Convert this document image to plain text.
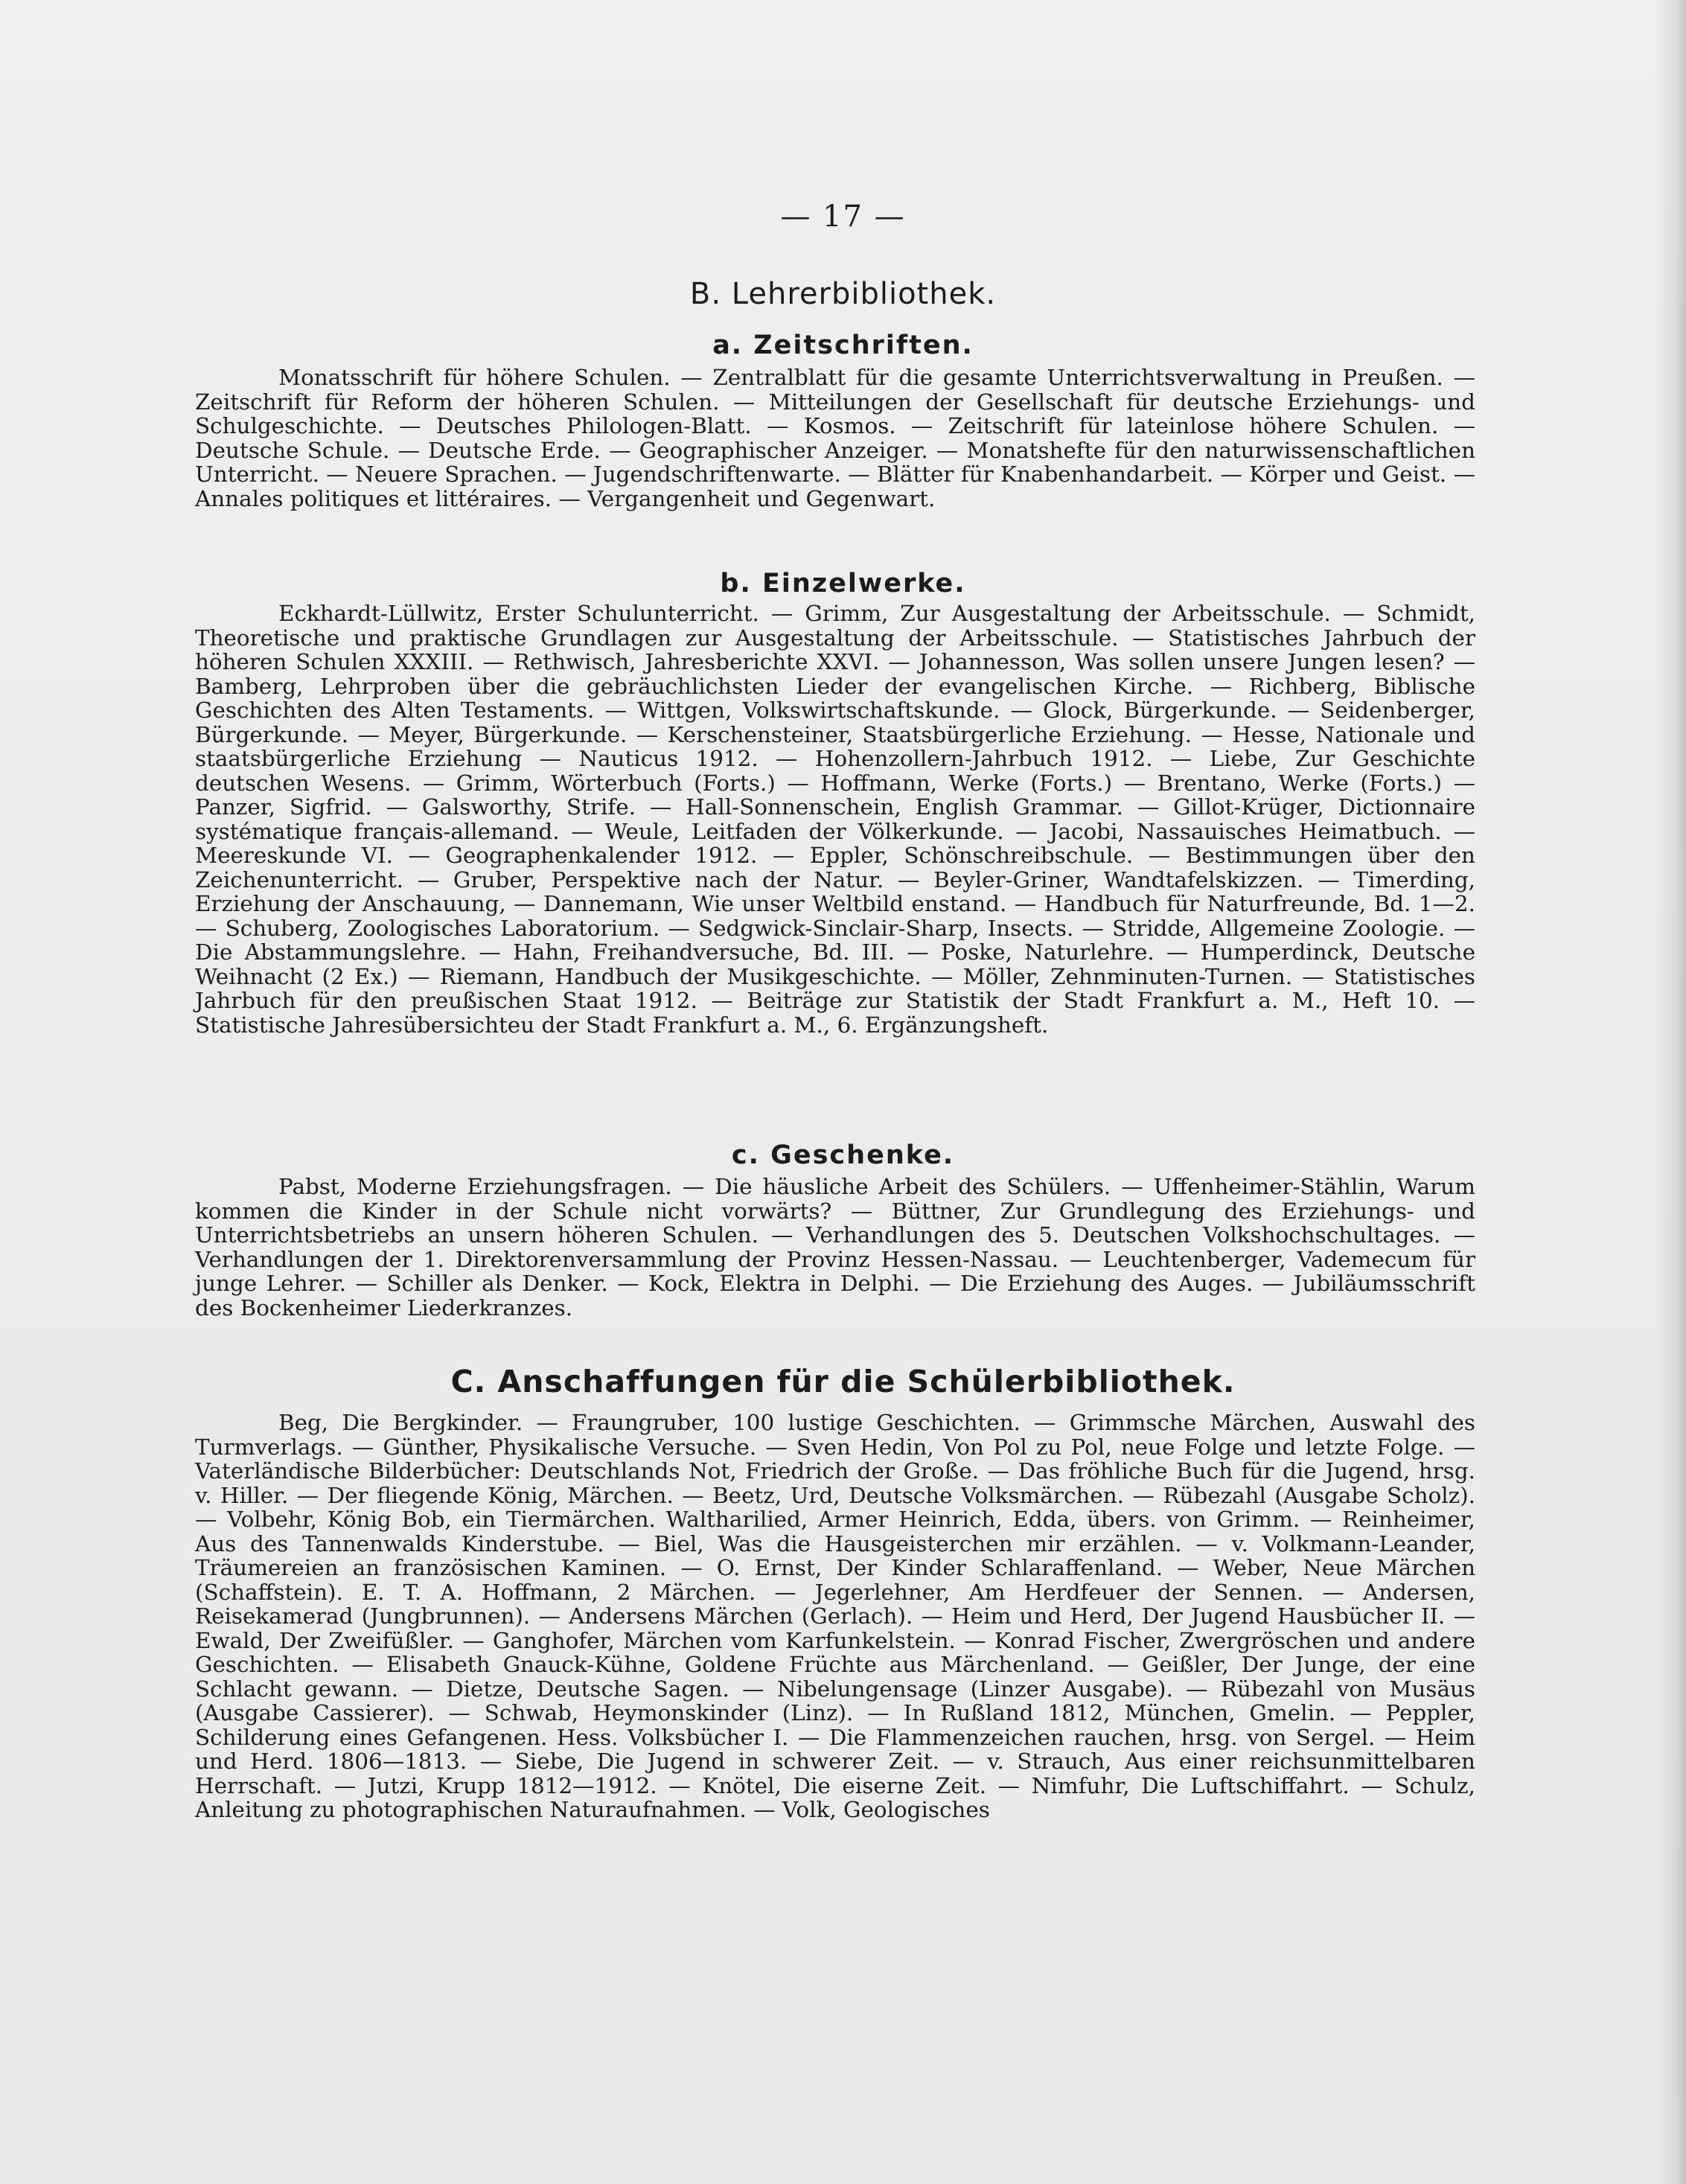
— 17 —
B. Lehrerbibliothek.
a. Zeitschriften.

Monatsschrift für höhere Schulen. — Zentralblatt für die gesamte Unterrichtsverwaltung in Preußen. — Zeitschrift für Reform der höheren Schulen. — Mitteilungen der Gesellschaft für deutsche Erziehungs- und Schulgeschichte. — Deutsches Philologen-Blatt. — Kosmos. — Zeitschrift für lateinlose höhere Schulen. — Deutsche Schule. — Deutsche Erde. — Geographischer Anzeiger. — Monatshefte für den naturwissenschaftlichen Unterricht. — Neuere Sprachen. — Jugendschriftenwarte. — Blätter für Knabenhandarbeit. — Körper und Geist. — Annales politiques et littéraires. — Vergangenheit und Gegenwart.

b. Einzelwerke.

Eckhardt-Lüllwitz, Erster Schulunterricht. — Grimm, Zur Ausgestaltung der Arbeitsschule. — Schmidt, Theoretische und praktische Grundlagen zur Ausgestaltung der Arbeitsschule. — Statistisches Jahrbuch der höheren Schulen XXXIII. — Rethwisch, Jahresberichte XXVI. — Johannesson, Was sollen unsere Jungen lesen? — Bamberg, Lehrproben über die gebräuchlichsten Lieder der evangelischen Kirche. — Richberg, Biblische Geschichten des Alten Testaments. — Wittgen, Volkswirtschaftskunde. — Glock, Bürgerkunde. — Seidenberger, Bürgerkunde. — Meyer, Bürgerkunde. — Kerschensteiner, Staatsbürgerliche Erziehung. — Hesse, Nationale und staatsbürgerliche Erziehung — Nauticus 1912. — Hohenzollern-Jahrbuch 1912. — Liebe, Zur Geschichte deutschen Wesens. — Grimm, Wörterbuch (Forts.) — Hoffmann, Werke (Forts.) — Brentano, Werke (Forts.) — Panzer, Sigfrid. — Galsworthy, Strife. — Hall-Sonnenschein, English Grammar. — Gillot-Krüger, Dictionnaire systématique français-allemand. — Weule, Leitfaden der Völkerkunde. — Jacobi, Nassauisches Heimatbuch. — Meereskunde VI. — Geographenkalender 1912. — Eppler, Schönschreibschule. — Bestimmungen über den Zeichenunterricht. — Gruber, Perspektive nach der Natur. — Beyler-Griner, Wandtafelskizzen. — Timerding, Erziehung der Anschauung, — Dannemann, Wie unser Weltbild enstand. — Handbuch für Naturfreunde, Bd. 1—2. — Schuberg, Zoologisches Laboratorium. — Sedgwick-Sinclair-Sharp, Insects. — Stridde, Allgemeine Zoologie. — Die Abstammungslehre. — Hahn, Freihandversuche, Bd. III. — Poske, Naturlehre. — Humperdinck, Deutsche Weihnacht (2 Ex.) — Riemann, Handbuch der Musikgeschichte. — Möller, Zehnminuten-Turnen. — Statistisches Jahrbuch für den preußischen Staat 1912. — Beiträge zur Statistik der Stadt Frankfurt a. M., Heft 10. — Statistische Jahresübersichteu der Stadt Frankfurt a. M., 6. Ergänzungsheft.

c. Geschenke.

Pabst, Moderne Erziehungsfragen. — Die häusliche Arbeit des Schülers. — Uffenheimer-Stählin, Warum kommen die Kinder in der Schule nicht vorwärts? — Büttner, Zur Grundlegung des Erziehungs- und Unterrichtsbetriebs an unsern höheren Schulen. — Verhandlungen des 5. Deutschen Volkshochschultages. — Verhandlungen der 1. Direktorenversammlung der Provinz Hessen-Nassau. — Leuchtenberger, Vademecum für junge Lehrer. — Schiller als Denker. — Kock, Elektra in Delphi. — Die Erziehung des Auges. — Jubiläumsschrift des Bockenheimer Liederkranzes.

C. Anschaffungen für die Schülerbibliothek.

Beg, Die Bergkinder. — Fraungruber, 100 lustige Geschichten. — Grimmsche Märchen, Auswahl des Turmverlags. — Günther, Physikalische Versuche. — Sven Hedin, Von Pol zu Pol, neue Folge und letzte Folge. — Vaterländische Bilderbücher: Deutschlands Not, Friedrich der Große. — Das fröhliche Buch für die Jugend, hrsg. v. Hiller. — Der fliegende König, Märchen. — Beetz, Urd, Deutsche Volksmärchen. — Rübezahl (Ausgabe Scholz). — Volbehr, König Bob, ein Tiermärchen. Waltharilied, Armer Heinrich, Edda, übers. von Grimm. — Reinheimer, Aus des Tannenwalds Kinderstube. — Biel, Was die Hausgeisterchen mir erzählen. — v. Volkmann-Leander, Träumereien an französischen Kaminen. — O. Ernst, Der Kinder Schlaraffenland. — Weber, Neue Märchen (Schaffstein). E. T. A. Hoffmann, 2 Märchen. — Jegerlehner, Am Herdfeuer der Sennen. — Andersen, Reisekamerad (Jungbrunnen). — Andersens Märchen (Gerlach). — Heim und Herd, Der Jugend Hausbücher II. — Ewald, Der Zweifüßler. — Ganghofer, Märchen vom Karfunkelstein. — Konrad Fischer, Zwergröschen und andere Geschichten. — Elisabeth Gnauck-Kühne, Goldene Früchte aus Märchenland. — Geißler, Der Junge, der eine Schlacht gewann. — Dietze, Deutsche Sagen. — Nibelungensage (Linzer Ausgabe). — Rübezahl von Musäus (Ausgabe Cassierer). — Schwab, Heymonskinder (Linz). — In Rußland 1812, München, Gmelin. — Peppler, Schilderung eines Gefangenen. Hess. Volksbücher I. — Die Flammenzeichen rauchen, hrsg. von Sergel. — Heim und Herd. 1806—1813. — Siebe, Die Jugend in schwerer Zeit. — v. Strauch, Aus einer reichsunmittelbaren Herrschaft. — Jutzi, Krupp 1812—1912. — Knötel, Die eiserne Zeit. — Nimfuhr, Die Luftschiffahrt. — Schulz, Anleitung zu photographischen Naturaufnahmen. — Volk, Geologisches
